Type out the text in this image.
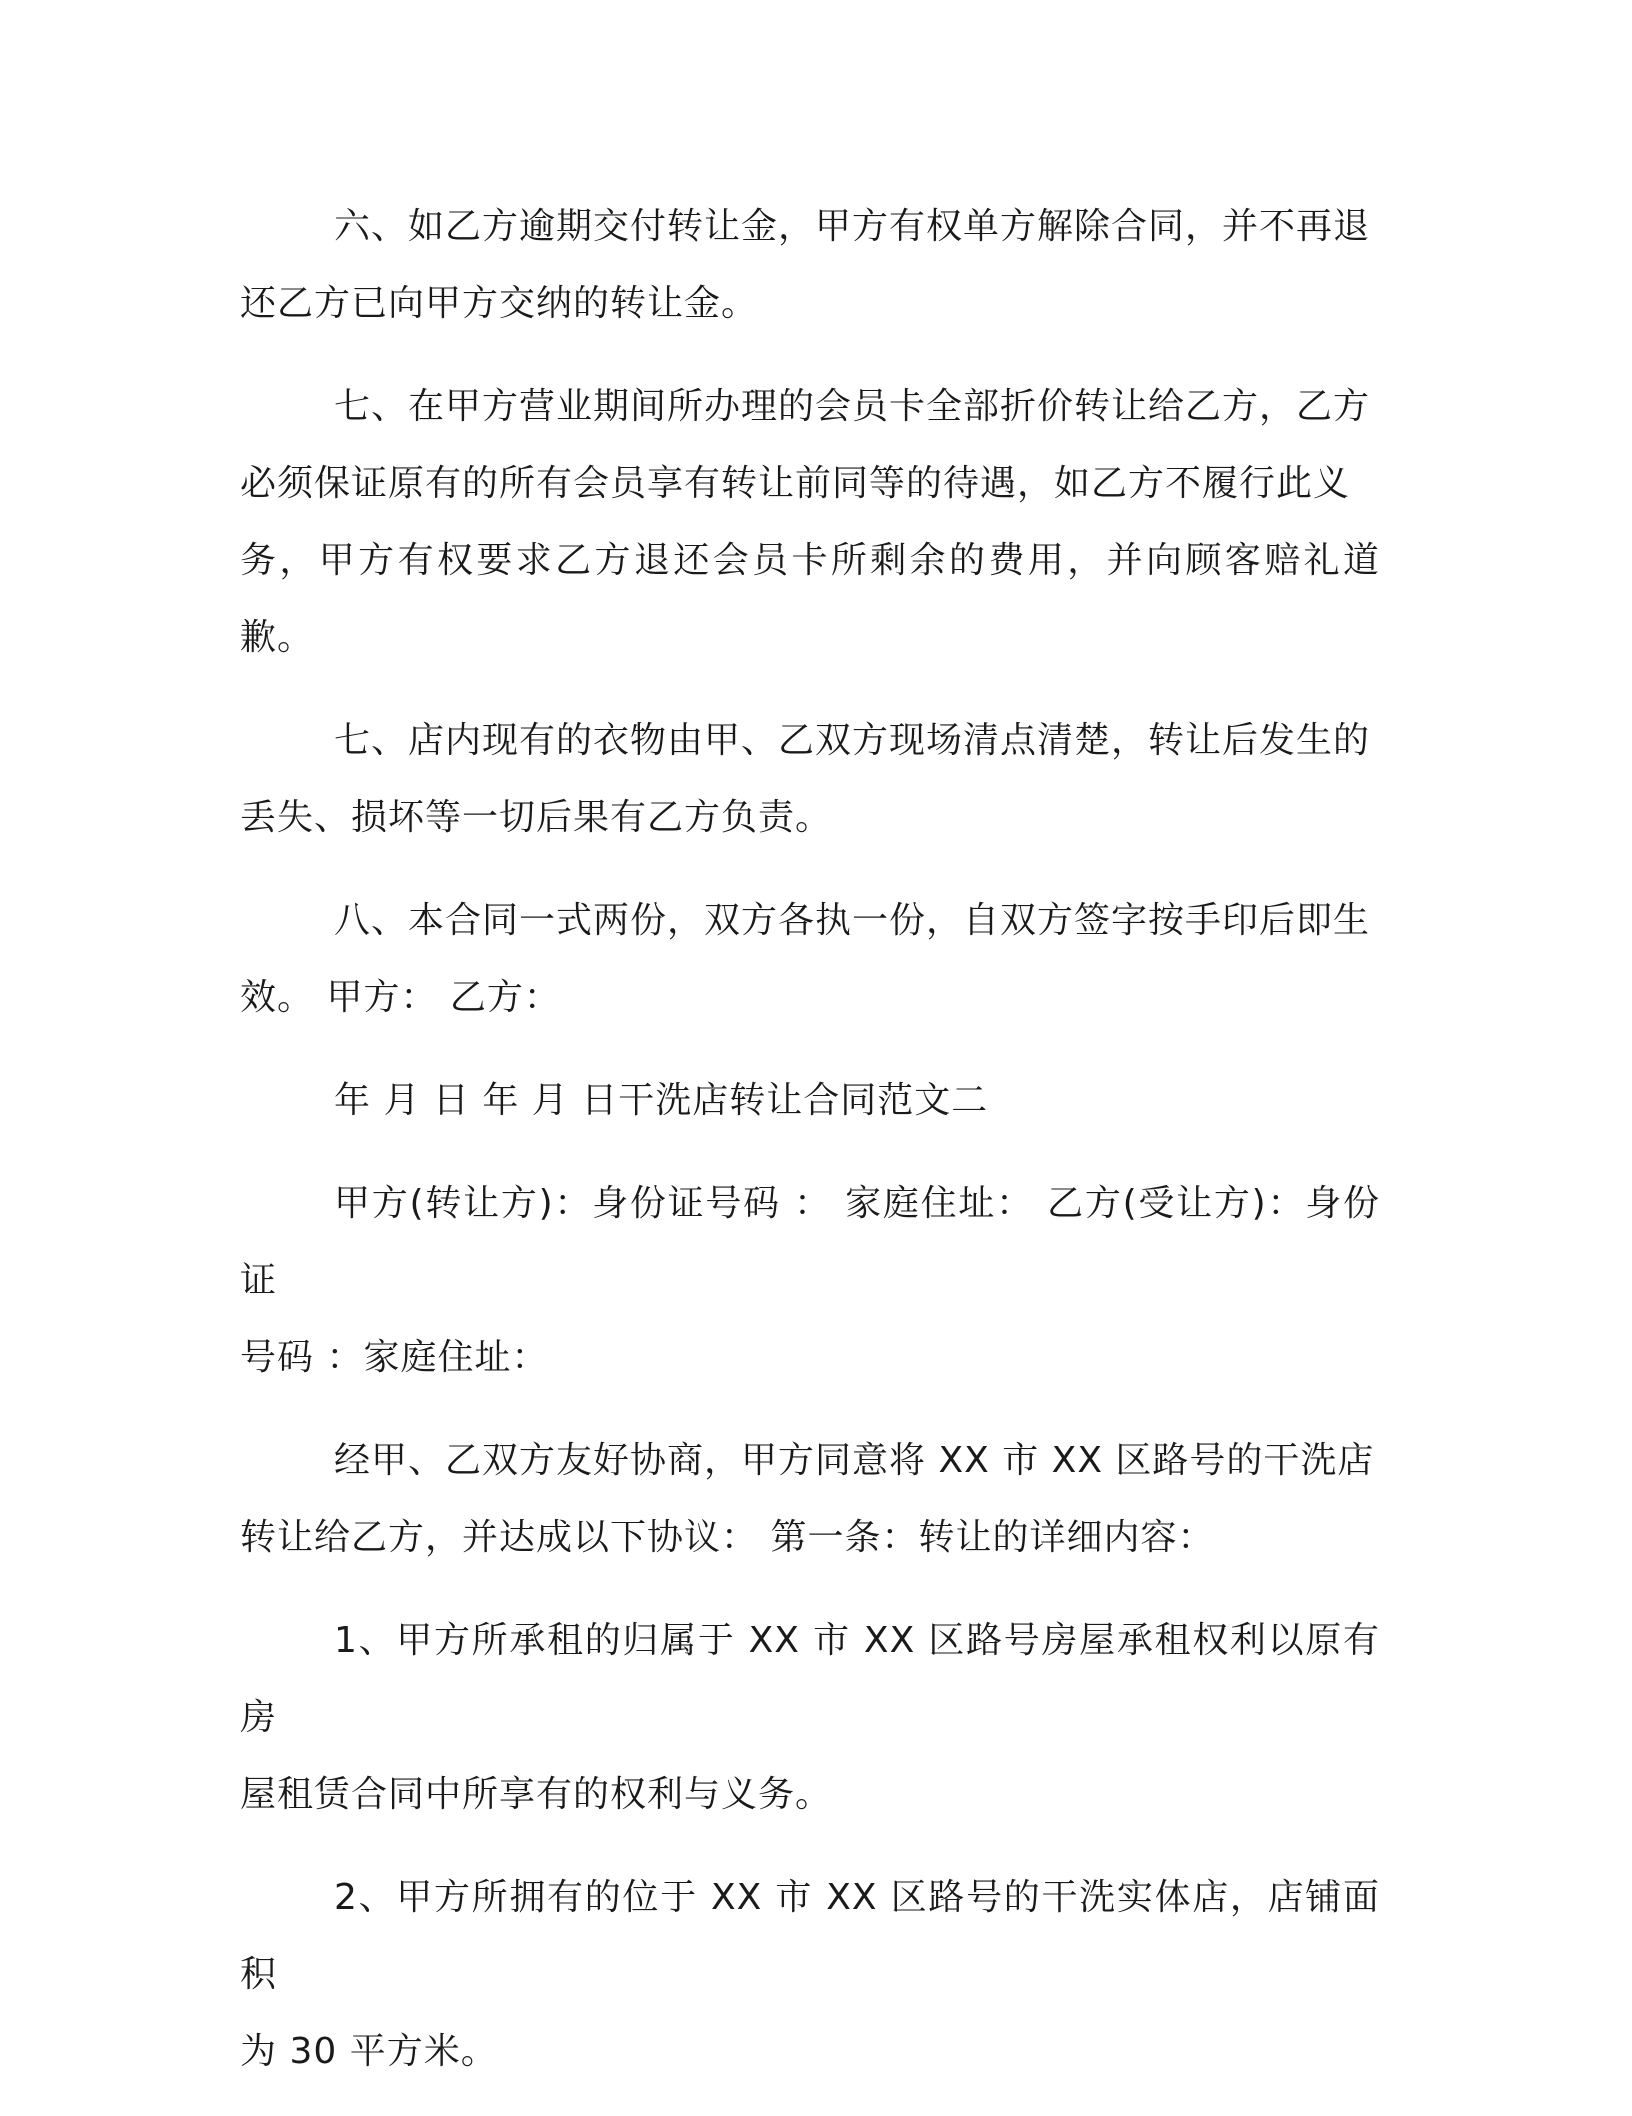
六、如乙方逾期交付转让金，甲方有权单方解除合同，并不再退
还乙方已向甲方交纳的转让金。

七、在甲方营业期间所办理的会员卡全部折价转让给乙方，乙方
必须保证原有的所有会员享有转让前同等的待遇，如乙方不履行此义
务，甲方有权要求乙方退还会员卡所剩余的费用，并向顾客赔礼道歉。

七、店内现有的衣物由甲、乙双方现场清点清楚，转让后发生的
丢失、损坏等一切后果有乙方负责。

八、本合同一式两份，双方各执一份，自双方签字按手印后即生
效。 甲方： 乙方：

年 月 日 年 月 日干洗店转让合同范文二

甲方(转让方)：身份证号码 ： 家庭住址： 乙方(受让方)：身份证
号码 ：家庭住址：

经甲、乙双方友好协商，甲方同意将 XX 市 XX 区路号的干洗店
转让给乙方，并达成以下协议： 第一条：转让的详细内容：

1、甲方所承租的归属于 XX 市 XX 区路号房屋承租权利以原有房
屋租赁合同中所享有的权利与义务。

2、甲方所拥有的位于 XX 市 XX 区路号的干洗实体店，店铺面积
为 30 平方米。
